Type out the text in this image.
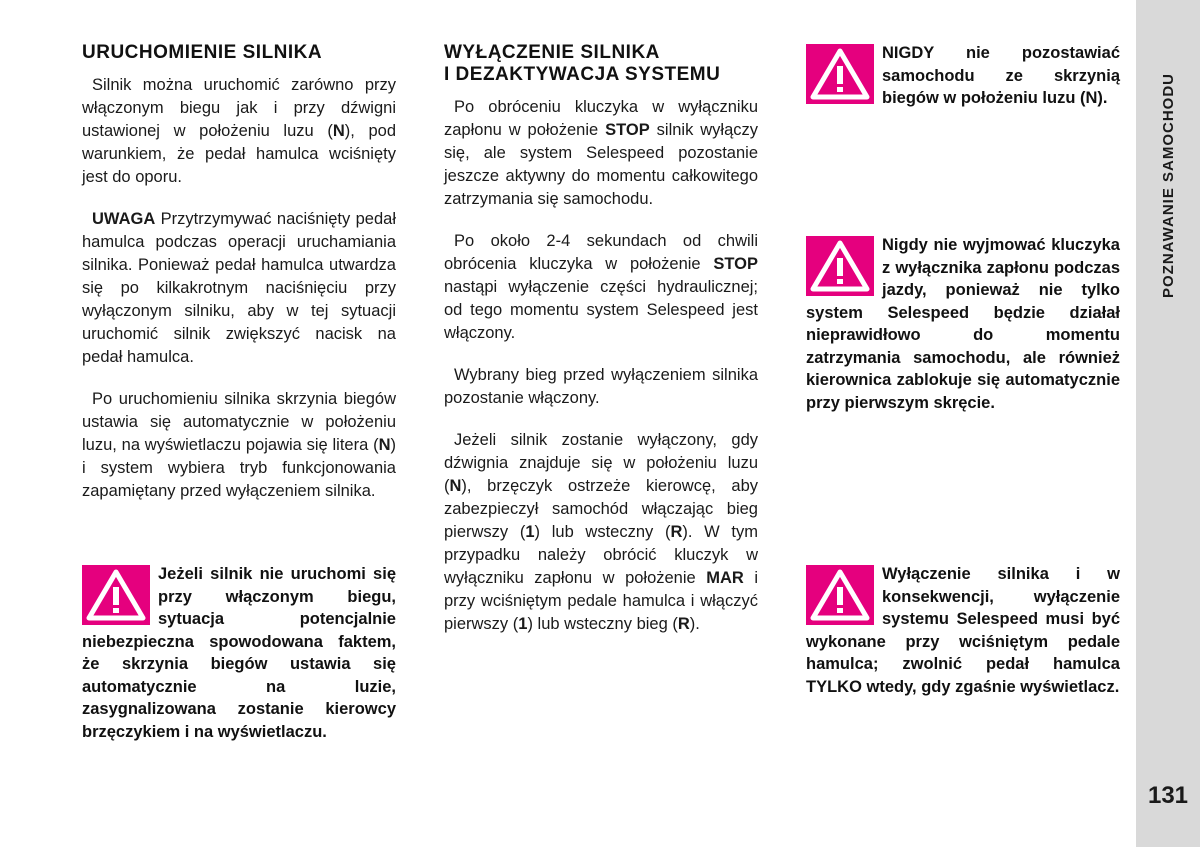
POZNAWANIE SAMOCHODU
URUCHOMIENIE SILNIKA

Silnik można uruchomić zarówno przy włączonym biegu jak i przy dźwigni ustawionej w położeniu luzu (N), pod warunkiem, że pedał hamulca wciśnięty jest do oporu.

UWAGA Przytrzymywać naciśnięty pedał hamulca podczas operacji uruchamiania silnika. Ponieważ pedał hamulca utwardza się po kilkakrotnym naciśnięciu przy wyłączonym silniku, aby w tej sytuacji uruchomić silnik zwiększyć nacisk na pedał hamulca.

Po uruchomieniu silnika skrzynia biegów ustawia się automatycznie w położeniu luzu, na wyświetlaczu pojawia się litera (N) i system wybiera tryb funkcjonowania zapamiętany przed wyłączeniem silnika.

Jeżeli silnik nie uruchomi się przy włączonym biegu, sytuacja potencjalnie niebezpieczna spowodowana faktem, że skrzynia biegów ustawia się automatycznie na luzie, zasygnalizowana zostanie kierowcy brzęczykiem i na wyświetlaczu.
WYŁĄCZENIE SILNIKA
I DEZAKTYWACJA SYSTEMU

Po obróceniu kluczyka w wyłączniku zapłonu w położenie STOP silnik wyłączy się, ale system Selespeed pozostanie jeszcze aktywny do momentu całkowitego zatrzymania się samochodu.

Po około 2-4 sekundach od chwili obrócenia kluczyka w położenie STOP nastąpi wyłączenie części hydraulicznej; od tego momentu system Selespeed jest włączony.

Wybrany bieg przed wyłączeniem silnika pozostanie włączony.

Jeżeli silnik zostanie wyłączony, gdy dźwignia znajduje się w położeniu luzu (N), brzęczyk ostrzeże kierowcę, aby zabezpieczył samochód włączając bieg pierwszy (1) lub wsteczny (R). W tym przypadku należy obrócić kluczyk w wyłączniku zapłonu w położenie MAR i przy wciśniętym pedale hamulca i włączyć pierwszy (1) lub wsteczny bieg (R).

NIGDY nie pozostawiać samochodu ze skrzynią biegów w położeniu luzu (N).
Nigdy nie wyjmować kluczyka z wyłącznika zapłonu podczas jazdy, ponieważ nie tylko system Selespeed będzie działał nieprawidłowo do momentu zatrzymania samochodu, ale również kierownica zablokuje się automatycznie przy pierwszym skręcie.
Wyłączenie silnika i w konsekwencji, wyłączenie systemu Selespeed musi być wykonane przy wciśniętym pedale hamulca; zwolnić pedał hamulca TYLKO wtedy, gdy zgaśnie wyświetlacz.
131
